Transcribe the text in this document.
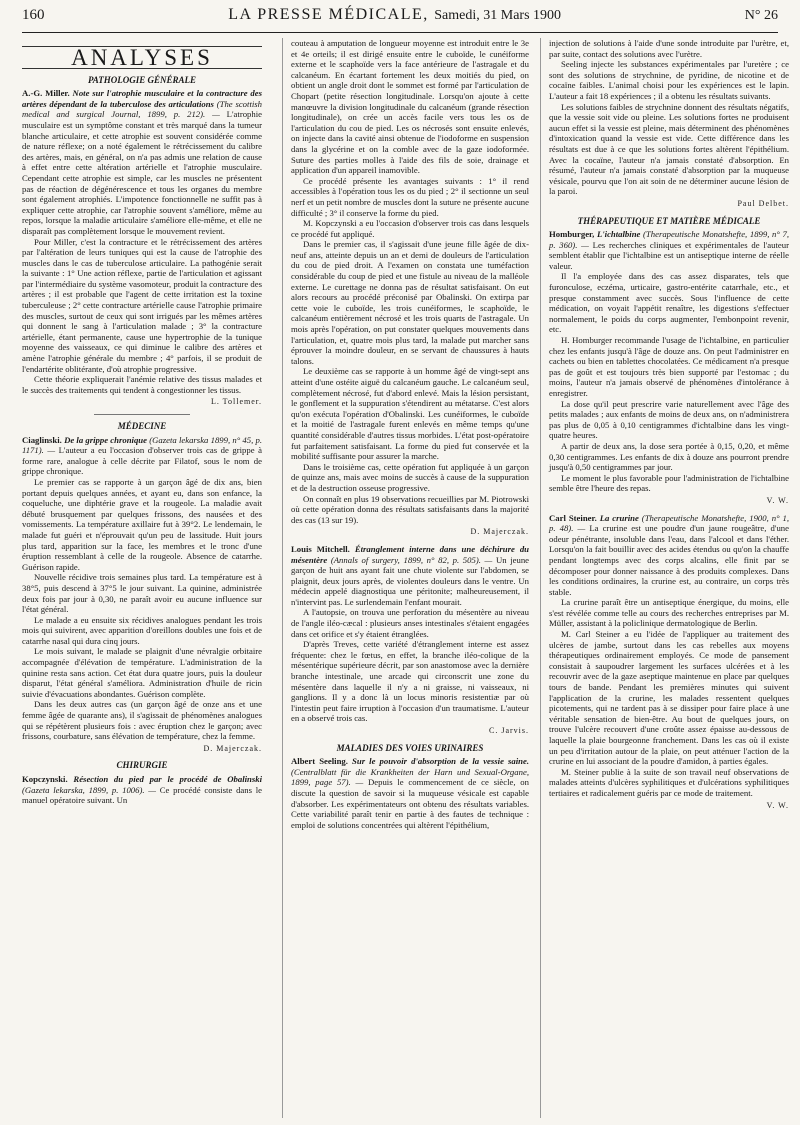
160	LA PRESSE MÉDICALE, Samedi, 31 Mars 1900	N° 26
ANALYSES
PATHOLOGIE GÉNÉRALE

A.-G. Miller. Note sur l'atrophie musculaire et la contracture des artères dépendant de la tuberculose des articulations (The scottish medical and surgical Journal, 1899, p. 212). — L'atrophie musculaire est un symptôme constant et très marqué dans la tumeur blanche articulaire, et cette atrophie est souvent considérée comme de nature réflexe; on a noté également le rétrécissement du calibre des artères, mais, en général, on n'a pas admis une relation de cause à effet entre cette altération artérielle et l'atrophie musculaire. Cependant cette atrophie est simple, car les muscles ne présentent pas de réaction de dégénérescence et tous les organes du membre sont également atrophiés. L'impotence fonctionnelle ne suffit pas à expliquer cette atrophie, car l'atrophie souvent s'améliore, même au repos, lorsque la maladie articulaire s'améliore elle-même, et elle ne disparaît pas complètement lorsque le mouvement revient.

Pour Miller, c'est la contracture et le rétrécissement des artères par l'altération de leurs tuniques qui est la cause de l'atrophie des muscles dans le cas de tuberculose articulaire. La pathogénie serait la suivante : 1° Une action réflexe, partie de l'articulation et agissant par l'intermédiaire du système vasomoteur, produit la contracture des artères ; il est probable que l'agent de cette irritation est la toxine tuberculeuse ; 2° cette contracture artérielle cause l'atrophie primaire des muscles, surtout de ceux qui sont irrigués par les mêmes artères qui donnent le sang à l'articulation malade ; 3° la contracture artérielle, étant permanente, cause une hypertrophie de la tunique moyenne des vaisseaux, ce qui diminue le calibre des artères et amène l'atrophie générale du membre ; 4° parfois, il se produit de l'endartérite oblitérante, d'où atrophie progressive.

Cette théorie expliquerait l'anémie relative des tissus malades et le succès des traitements qui tendent à congestionner les tissus.

L. Tollemer.
MÉDECINE

Ciaglinski. De la grippe chronique (Gazeta lekarska 1899, n° 45, p. 1171). — L'auteur a eu l'occasion d'observer trois cas de grippe à forme rare, analogue à celle décrite par Filatof, sous le nom de grippe chronique.

Le premier cas se rapporte à un garçon âgé de dix ans, bien portant depuis quelques années, et ayant eu, dans son enfance, la coqueluche, une diphtérie grave et la rougeole. La maladie avait débuté brusquement par quelques frissons, des nausées et des vomissements. La température axillaire fut à 39°2. Le lendemain, le malade fut guéri et n'éprouvait qu'un peu de lassitude. Huit jours plus tard, apparition sur la face, les membres et le tronc d'une éruption ressemblant à celle de la rougeole. Absence de catarrhe. Guérison rapide.

Nouvelle récidive trois semaines plus tard. La température est à 38°5, puis descend à 37°5 le jour suivant. La quinine, administrée deux fois par jour à 0,30, ne paraît avoir eu aucune influence sur l'état général.

Le malade a eu ensuite six récidives analogues pendant les trois mois qui suivirent, avec apparition d'oreillons doubles une fois et de catarrhe nasal qui dura cinq jours.

Le mois suivant, le malade se plaignit d'une névralgie orbitaire accompagnée d'élévation de température. L'administration de la quinine resta sans action. Cet état dura quatre jours, puis la douleur disparut, l'état général s'améliora. Administration d'huile de ricin suivie d'évacuations abondantes. Guérison complète.

Dans les deux autres cas (un garçon âgé de onze ans et une femme âgée de quarante ans), il s'agissait de phénomènes analogues qui se répétèrent plusieurs fois : avec éruption chez le garçon; avec frissons, courbature, sans élévation de température, chez la femme.

D. Majerczak.
CHIRURGIE

Kopczynski. Résection du pied par le procédé de Obalinski (Gazeta lekarska, 1899, p. 1006). — Ce procédé consiste dans le manuel opératoire suivant. Un

couteau à amputation de longueur moyenne est introduit entre le 3e et 4e orteils; il est dirigé ensuite entre le cuboïde, le cunéiforme externe et le scaphoïde vers la face antérieure de l'astragale et du calcanéum. En écartant fortement les deux moitiés du pied, on obtient un angle droit dont le sommet est formé par l'articulation de Chopart (petite résection longitudinale. Lorsqu'on ajoute à cette manœuvre la division longitudinale du calcanéum (grande résection longitudinale), on crée un accès facile vers tous les os de l'articulation du cou de pied. Les os nécrosés sont ensuite enlevés, on injecte dans la cavité ainsi obtenue de l'iodoforme en suspension dans la glycérine et on la comble avec de la gaze iodoformée. Suture des parties molles à l'aide des fils de soie, drainage et application d'un appareil inamovible.

Ce procédé présente les avantages suivants : 1° il rend accessibles à l'opération tous les os du pied ; 2° il sectionne un seul nerf et un petit nombre de muscles dont la suture ne présente aucune difficulté ; 3° il conserve la forme du pied.

M. Kopczynski a eu l'occasion d'observer trois cas dans lesquels ce procédé fut appliqué.

Dans le premier cas, il s'agissait d'une jeune fille âgée de dix-neuf ans, atteinte depuis un an et demi de douleurs de l'articulation du cou de pied droit. A l'examen on constata une tuméfaction considérable du coup de pied et une fistule au niveau de la malléole externe. Le curettage ne donna pas de résultat satisfaisant. On eut alors recours au procédé préconisé par Obalinski. On extirpa par cette voie le cuboïde, les trois cunéiformes, le scaphoïde, le calcanéum entièrement nécrosé et les trois quarts de l'astragale. Un mois après l'opération, on put constater quelques mouvements dans l'articulation, et, quatre mois plus tard, la malade put marcher sans éprouver la moindre douleur, en se servant de chaussures à hauts talons.

Le deuxième cas se rapporte à un homme âgé de vingt-sept ans atteint d'une ostéite aiguë du calcanéum gauche. Le calcanéum seul, complètement nécrosé, fut d'abord enlevé. Mais la lésion persistant, le gonflement et la suppuration s'étendirent au métatarse. C'est alors qu'on exécuta l'opération d'Obalinski. Les cunéiformes, le cuboïde et la moitié de l'astragale furent enlevés en même temps qu'une quantité considérable d'autres tissus morbides. L'état post-opératoire fut parfaitement satisfaisant. La forme du pied fut conservée et la mobilité suffisante pour assurer la marche.

Dans le troisième cas, cette opération fut appliquée à un garçon de quinze ans, mais avec moins de succès à cause de la suppuration et de la destruction osseuse progressive.

On connaît en plus 19 observations recueillies par M. Piotrowski où cette opération donna des résultats satisfaisants dans la majorité des cas (13 sur 19).

D. Majerczak.

Louis Mitchell. Étranglement interne dans une déchirure du mésentère (Annals of surgery, 1899, n° 82, p. 505). — Un jeune garçon de huit ans ayant fait une chute violente sur l'abdomen, se plaignit, deux jours après, de violentes douleurs dans le ventre. Un médecin appelé diagnostiqua une péritonite; malheureusement, il n'intervint pas. Le surlendemain l'enfant mourait.

A l'autopsie, on trouva une perforation du mésentère au niveau de l'angle iléo-cæcal : plusieurs anses intestinales s'étaient engagées dans cet orifice et s'y étaient étranglées.

D'après Treves, cette variété d'étranglement interne est assez fréquente: chez le fœtus, en effet, la branche iléo-colique de la mésentérique supérieure décrit, par son anastomose avec la dernière branche intestinale, une arcade qui circonscrit une zone du mésentère dans laquelle il n'y a ni graisse, ni vaisseaux, ni ganglions. Il y a donc là un locus minoris resistentiæ par où l'intestin peut faire irruption à l'occasion d'un traumatisme. L'auteur en a observé trois cas.

C. Jarvis.
MALADIES DES VOIES URINAIRES

Albert Seeling. Sur le pouvoir d'absorption de la vessie saine. (Centralblatt für die Krankheiten der Harn und Sexual-Organe, 1899, page 57). — Depuis le commencement de ce siècle, on discute la question de savoir si la muqueuse vésicale est capable d'absorber. Les expérimentateurs ont obtenu des résultats variables. Cette variabilité paraît tenir en partie à des fautes de technique : emploi de solutions concentrées qui altèrent l'épithélium,

injection de solutions à l'aide d'une sonde introduite par l'urètre, et, par suite, contact des solutions avec l'urètre.

Seeling injecte les substances expérimentales par l'uretère ; ce sont des solutions de strychnine, de pyridine, de nicotine et de cocaïne faibles. L'animal choisi pour les expériences est le lapin. L'auteur a fait 18 expériences ; il a obtenu les résultats suivants.

Les solutions faibles de strychnine donnent des résultats négatifs, que la vessie soit vide ou pleine. Les solutions fortes ne produisent aucun effet si la vessie est pleine, mais déterminent des phénomènes d'intoxication quand la vessie est vide. Cette différence dans les résultats est due à ce que les solutions fortes altèrent l'épithélium. Avec la cocaïne, l'auteur n'a jamais constaté d'absorption. En résumé, l'auteur n'a jamais constaté d'absorption par la muqueuse vésicale, pourvu que l'on ait soin de ne déterminer aucune lésion de la paroi.

Paul Delbet.
THÉRAPEUTIQUE ET MATIÈRE MÉDICALE

Homburger, L'ichtalbine (Therapeutische Monatshefte, 1899, n° 7, p. 360). — Les recherches cliniques et expérimentales de l'auteur semblent établir que l'ichtalbine est un antiseptique interne de réelle valeur.

Il l'a employée dans des cas assez disparates, tels que furonculose, eczéma, urticaire, gastro-entérite catarrhale, etc., et presque constamment avec succès. Sous l'influence de cette médication, on voyait l'appétit renaître, les digestions s'effectuer normalement, le poids du corps augmenter, l'embonpoint revenir, etc.

H. Homburger recommande l'usage de l'ichtalbine, en particulier chez les enfants jusqu'à l'âge de douze ans. On peut l'administrer en cachets ou bien en tablettes chocolatées. Ce médicament n'a presque pas de goût et est toujours très bien supporté par l'estomac ; du moins, l'auteur n'a jamais observé de phénomènes d'intolérance à enregistrer.

La dose qu'il peut prescrire varie naturellement avec l'âge des petits malades ; aux enfants de moins de deux ans, on n'administrera pas plus de 0,05 à 0,10 centigrammes d'ichtalbine dans les vingt-quatre heures.

A partir de deux ans, la dose sera portée à 0,15, 0,20, et même 0,30 centigrammes. Les enfants de dix à douze ans pourront prendre jusqu'à 0,50 centigrammes par jour.

Le moment le plus favorable pour l'administration de l'ichtalbine semble être l'heure des repas.

V. W.

Carl Steiner. La crurine (Therapeutische Monatshefte, 1900, n° 1, p. 48). — La crurine est une poudre d'un jaune rougeâtre, d'une odeur pénétrante, insoluble dans l'eau, dans l'alcool et dans l'éther. Lorsqu'on la fait bouillir avec des acides étendus ou qu'on la chauffe pendant longtemps avec des corps alcalins, elle finit par se décomposer pour donner naissance à des produits complexes. Dans les conditions ordinaires, la crurine est, au contraire, un corps très stable.

La crurine paraît être un antiseptique énergique, du moins, elle s'est révélée comme telle au cours des recherches entreprises par M. Müller, assistant à la policlinique dermatologique de Berlin.

M. Carl Steiner a eu l'idée de l'appliquer au traitement des ulcères de jambe, surtout dans les cas rebelles aux moyens thérapeutiques ordinairement employés. Ce mode de pansement consistait à saupoudrer largement les surfaces ulcérées et à les recouvrir avec de la gaze aseptique maintenue en place par quelques tours de bande. Pendant les premières minutes qui suivent l'application de la crurine, les malades ressentent quelques picotements, qui ne tardent pas à se dissiper pour faire place à une véritable sensation de bien-être. Au bout de quelques jours, on trouve l'ulcère recouvert d'une croûte assez épaisse au-dessous de laquelle la plaie bourgeonne franchement. Dans les cas où il existe un peu d'irritation autour de la plaie, on peut atténuer l'action de la crurine en lui associant de la poudre d'amidon, à parties égales.

M. Steiner publie à la suite de son travail neuf observations de malades atteints d'ulcères syphilitiques et d'ulcérations syphilitiques tertiaires et radicalement guéris par ce mode de traitement.

V. W.
